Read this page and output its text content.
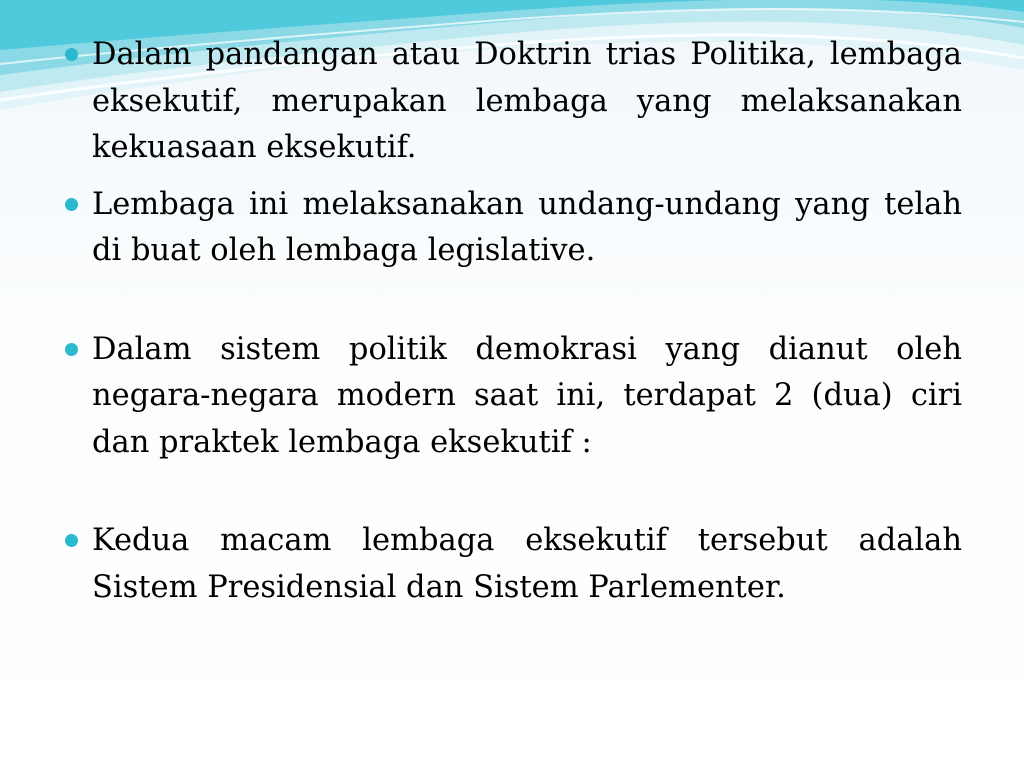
Dalam pandangan atau Doktrin trias Politika, lembaga eksekutif, merupakan lembaga yang melaksanakan kekuasaan eksekutif.
Lembaga ini melaksanakan undang-undang yang telah di buat oleh lembaga legislative.
Dalam sistem politik demokrasi yang dianut oleh negara-negara modern saat ini, terdapat 2 (dua) ciri dan praktek lembaga eksekutif :
Kedua macam lembaga eksekutif tersebut adalah Sistem Presidensial dan Sistem Parlementer.
